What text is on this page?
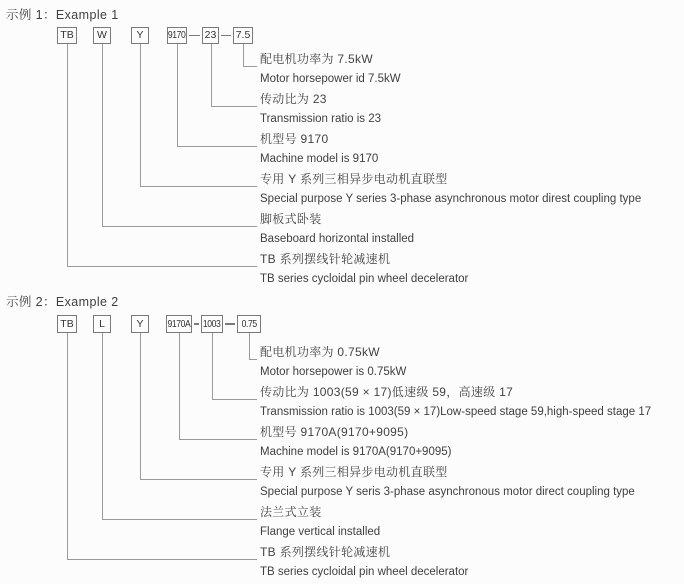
示例 1：Example 1
TB W	Y 9170 23 7.5
配电机功率为 7.5kW
Motor horsepower id 7.5kW
传动比为 23
Transmission ratio is 23
机型号 9170
Machine model is 9170
专用 Y 系列三相异步电动机直联型
Special purpose Y series 3-phase asynchronous motor direst coupling type
脚板式卧装
Baseboard horizontal installed
TB 系列摆线针轮减速机
TB series cycloidal pin wheel decelerator
示例 2：Example 2
TB L	Y 9170A 1003 0.75
配电机功率为 0.75kW
Motor horsepower is 0.75kW
传动比为 1003(59 × 17)低速级 59，高速级 17
Transmission ratio is 1003(59 × 17)Low-speed stage 59,high-speed stage 17
机型号 9170A(9170+9095)
Machine model is 9170A(9170+9095)
专用 Y 系列三相异步电动机直联型
Special purpose Y seris 3-phase asynchronous motor direct coupling type
法兰式立装
Flange vertical installed
TB 系列摆线针轮减速机
TB series cycloidal pin wheel decelerator
